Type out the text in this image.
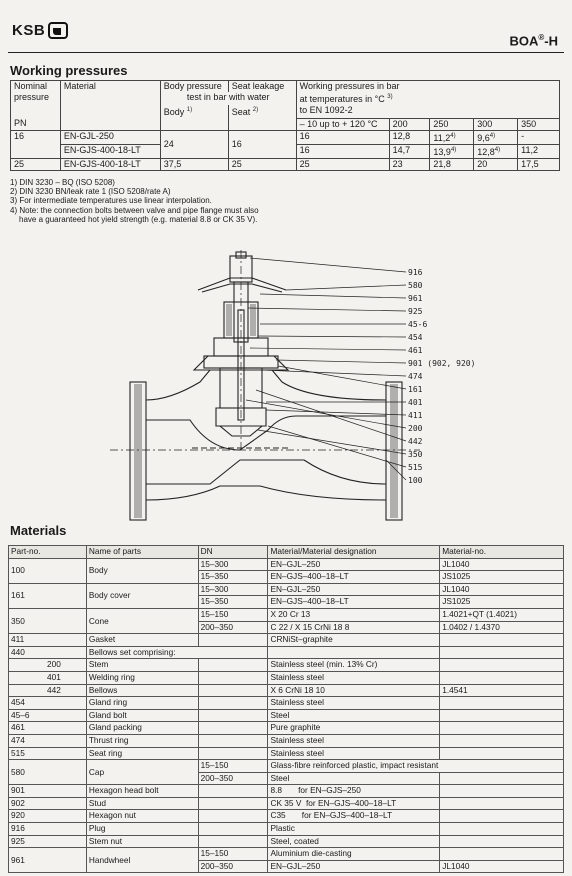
KSB
BOA®-H
Working pressures
Nominal	Material	Body pressure	Seat leakage	Working pressures in bar				
pressure		test in bar with water		at temperatures in °C $^{3)}$
		Body $^{1)}$	Seat $^{2)}$	to EN 1092-2				
PN				– 10 up to + 120 °C	200	250	300	350
16	EN-GJL-250	24	16	16	12,8	11,2$^{4)}$	9,6$^{4)}$	-
	EN-GJS-400-18-LT			16	14,7	13,9$^{4)}$	12,8$^{4)}$	11,2
25	EN-GJS-400-18-LT	37,5	25	25	23	21,8	20	17,5
1) DIN 3230 – BQ (ISO 5208)
2) DIN 3230 BN/leak rate 1 (ISO 5208/rate A)
3) For intermediate temperatures use linear interpolation.
4) Note: the connection bolts between valve and pipe flange must also
have a guaranteed hot yield strength (e.g. material 8.8 or CK 35 V).
916
580
961
925
45-6
454
461
901 (902, 920)
474
161
401
411
200
442
350
515
100
Materials
Part-no.	Name of parts	DN	Material/Material designation	Material-no.
100	Body	15–300	EN–GJL–250	JL1040
		15–350	EN–GJS–400–18–LT	JS1025
161	Body cover	15–300	EN–GJL–250	JL1040
		15–350	EN–GJS–400–18–LT	JS1025
350	Cone	15–150	X 20 Cr 13	1.4021+QT (1.4021)
		200–350	C 22 / X 15 CrNi 18 8	1.0402 / 1.4370
411	Gasket		CRNiSt–graphite	
440	Bellows set comprising:			
200	Stem		Stainless steel (min. 13% Cr)	
401	Welding ring		Stainless steel	
442	Bellows		X 6 CrNi 18 10	1.4541
454	Gland ring		Stainless steel	
45–6	Gland bolt		Steel	
461	Gland packing		Pure graphite	
474	Thrust ring		Stainless steel	
515	Seat ring		Stainless steel	
580	Cap	15–150	Glass-fibre reinforced plastic, impact resistant	
		200–350	Steel	
901	Hexagon head bolt		8.8       for EN–GJS–250	
902	Stud		CK 35 V  for EN–GJS–400–18–LT	
920	Hexagon nut		C35       for EN–GJS–400–18–LT	
916	Plug		Plastic	
925	Stem nut		Steel, coated	
961	Handwheel	15–150	Aluminium die-casting	
		200–350	EN–GJL–250	JL1040
